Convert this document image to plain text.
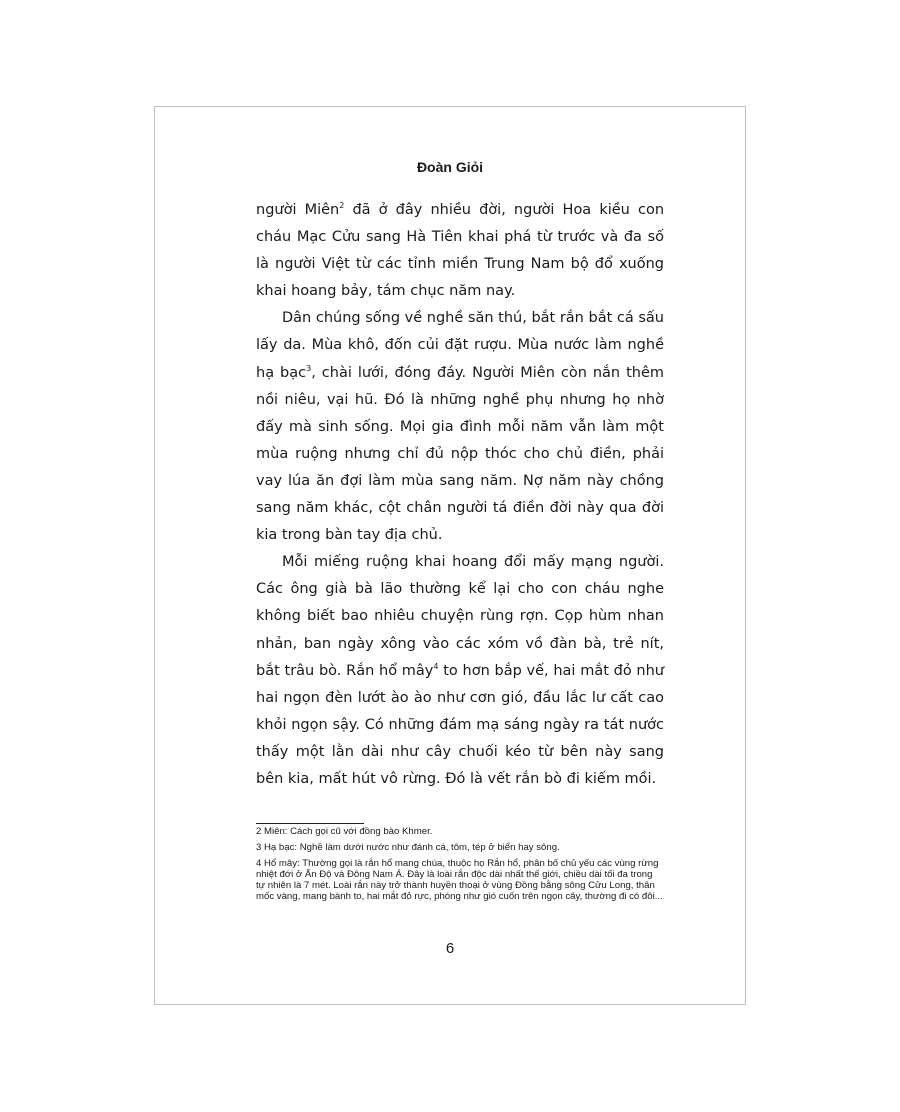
Đoàn Giỏi

người Miên$^2$ đã ở đây nhiều đời, người Hoa kiều con cháu Mạc Cửu sang Hà Tiên khai phá từ trước và đa số là người Việt từ các tỉnh miền Trung Nam bộ đổ xuống khai hoang bảy, tám chục năm nay.

Dân chúng sống về nghề săn thú, bắt rắn bắt cá sấu lấy da. Mùa khô, đốn củi đặt rượu. Mùa nước làm nghề hạ bạc$^3$, chài lưới, đóng đáy. Người Miên còn nắn thêm nồi niêu, vại hũ. Đó là những nghề phụ nhưng họ nhờ đấy mà sinh sống. Mọi gia đình mỗi năm vẫn làm một mùa ruộng nhưng chỉ đủ nộp thóc cho chủ điền, phải vay lúa ăn đợi làm mùa sang năm. Nợ năm này chồng sang năm khác, cột chân người tá điền đời này qua đời kia trong bàn tay địa chủ.

Mỗi miếng ruộng khai hoang đổi mấy mạng người. Các ông già bà lão thường kể lại cho con cháu nghe không biết bao nhiêu chuyện rùng rợn. Cọp hùm nhan nhản, ban ngày xông vào các xóm vồ đàn bà, trẻ nít, bắt trâu bò. Rắn hổ mây$^4$ to hơn bắp vế, hai mắt đỏ như hai ngọn đèn lướt ào ào như cơn gió, đầu lắc lư cất cao khỏi ngọn sậy. Có những đám mạ sáng ngày ra tát nước thấy một lằn dài như cây chuối kéo từ bên này sang bên kia, mất hút vô rừng. Đó là vết rắn bò đi kiếm mồi.

2 Miên: Cách gọi cũ với đồng bào Khmer.

3 Hạ bạc: Nghề làm dưới nước như đánh cá, tôm, tép ở biển hay sông.

4 Hổ mây: Thường gọi là rắn hổ mang chúa, thuộc họ Rắn hổ, phân bố chủ yếu các vùng rừng nhiệt đới ở Ấn Độ và Đông Nam Á. Đây là loài rắn độc dài nhất thế giới, chiều dài tối đa trong tự nhiên là 7 mét. Loài rắn này trở thành huyền thoại ở vùng Đồng bằng sông Cửu Long, thân mốc vàng, mang bành to, hai mắt đỏ rực, phóng như gió cuốn trên ngọn cây, thường đi có đôi...

6
